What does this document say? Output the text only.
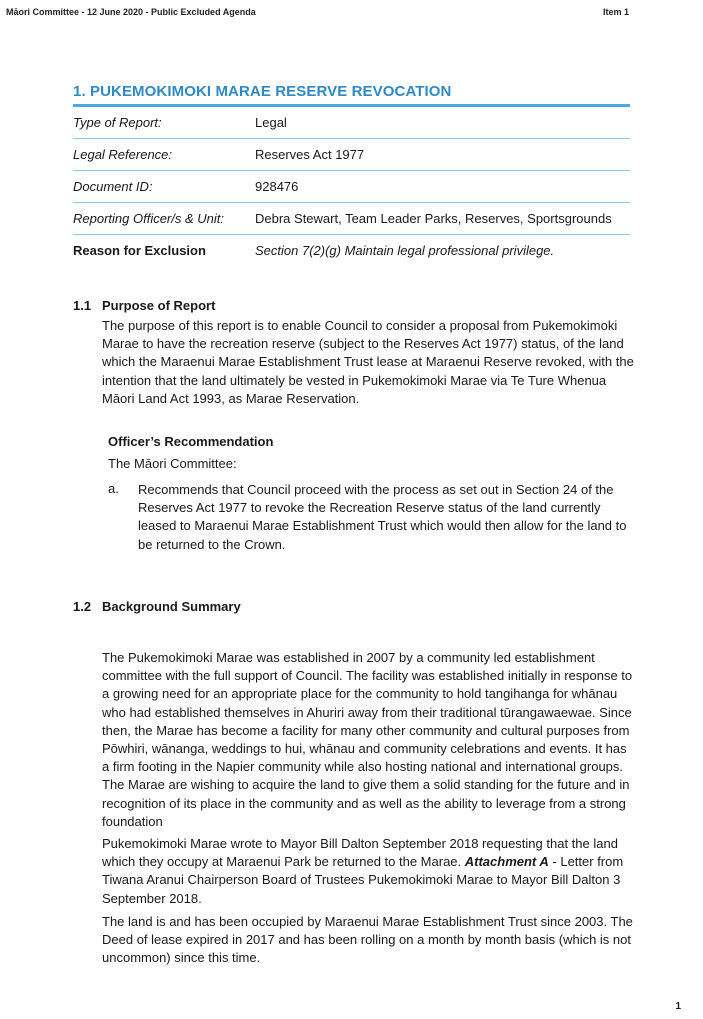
Māori Committee - 12 June 2020 - Public Excluded Agenda	Item 1
1. PUKEMOKIMOKI MARAE RESERVE REVOCATION
Type of Report:	Legal
Legal Reference:	Reserves Act 1977
Document ID:	928476
Reporting Officer/s & Unit:	Debra Stewart, Team Leader Parks, Reserves, Sportsgrounds
Reason for Exclusion	Section 7(2)(g) Maintain legal professional privilege.
1.1 Purpose of Report
The purpose of this report is to enable Council to consider a proposal from Pukemokimoki Marae to have the recreation reserve (subject to the Reserves Act 1977) status, of the land which the Maraenui Marae Establishment Trust lease at Maraenui Reserve revoked, with the intention that the land ultimately be vested in Pukemokimoki Marae via Te Ture Whenua Māori Land Act 1993, as Marae Reservation.
Officer’s Recommendation
The Māori Committee:
a. Recommends that Council proceed with the process as set out in Section 24 of the Reserves Act 1977 to revoke the Recreation Reserve status of the land currently leased to Maraenui Marae Establishment Trust which would then allow for the land to be returned to the Crown.
1.2 Background Summary
The Pukemokimoki Marae was established in 2007 by a community led establishment committee with the full support of Council. The facility was established initially in response to a growing need for an appropriate place for the community to hold tangihanga for whānau who had established themselves in Ahuriri away from their traditional tūrangawaewae. Since then, the Marae has become a facility for many other community and cultural purposes from Pōwhiri, wānanga, weddings to hui, whānau and community celebrations and events. It has a firm footing in the Napier community while also hosting national and international groups. The Marae are wishing to acquire the land to give them a solid standing for the future and in recognition of its place in the community and as well as the ability to leverage from a strong foundation
Pukemokimoki Marae wrote to Mayor Bill Dalton September 2018 requesting that the land which they occupy at Maraenui Park be returned to the Marae. Attachment A - Letter from Tiwana Aranui Chairperson Board of Trustees Pukemokimoki Marae to Mayor Bill Dalton 3 September 2018.
The land is and has been occupied by Maraenui Marae Establishment Trust since 2003. The Deed of lease expired in 2017 and has been rolling on a month by month basis (which is not uncommon) since this time.
1
